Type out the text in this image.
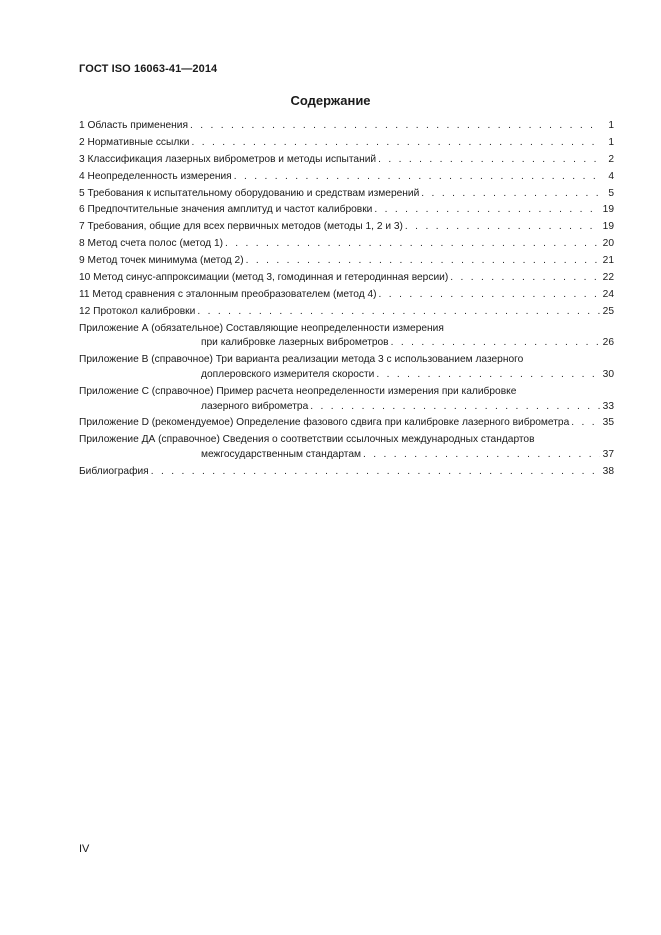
ГОСТ ISO 16063-41—2014
Содержание
1 Область применения . . .	1
2 Нормативные ссылки . . .	1
3 Классификация лазерных виброметров и методы испытаний . . .	2
4 Неопределенность измерения . . .	4
5 Требования к испытательному оборудованию и средствам измерений . . .	5
6 Предпочтительные значения амплитуд и частот калибровки . . .	19
7 Требования, общие для всех первичных методов (методы 1, 2 и 3) . . .	19
8 Метод счета полос (метод 1) . . .	20
9 Метод точек минимума (метод 2) . . .	21
10 Метод синус-аппроксимации (метод 3, гомодинная и гетеродинная версии) . . .	22
11 Метод сравнения с эталонным преобразователем (метод 4) . . .	24
12 Протокол калибровки . . .	25
Приложение А (обязательное) Составляющие неопределенности измерения
при калибровке лазерных виброметров . . .	26
Приложение В (справочное) Три варианта реализации метода 3 с использованием лазерного
доплеровского измерителя скорости . . .	30
Приложение С (справочное) Пример расчета неопределенности измерения при калибровке
лазерного виброметра . . .	33
Приложение D (рекомендуемое) Определение фазового сдвига при калибровке лазерного виброметра . . .	35
Приложение ДА (справочное) Сведения о соответствии ссылочных международных стандартов
межгосударственным стандартам . . .	37
Библиография . . .	38
IV
